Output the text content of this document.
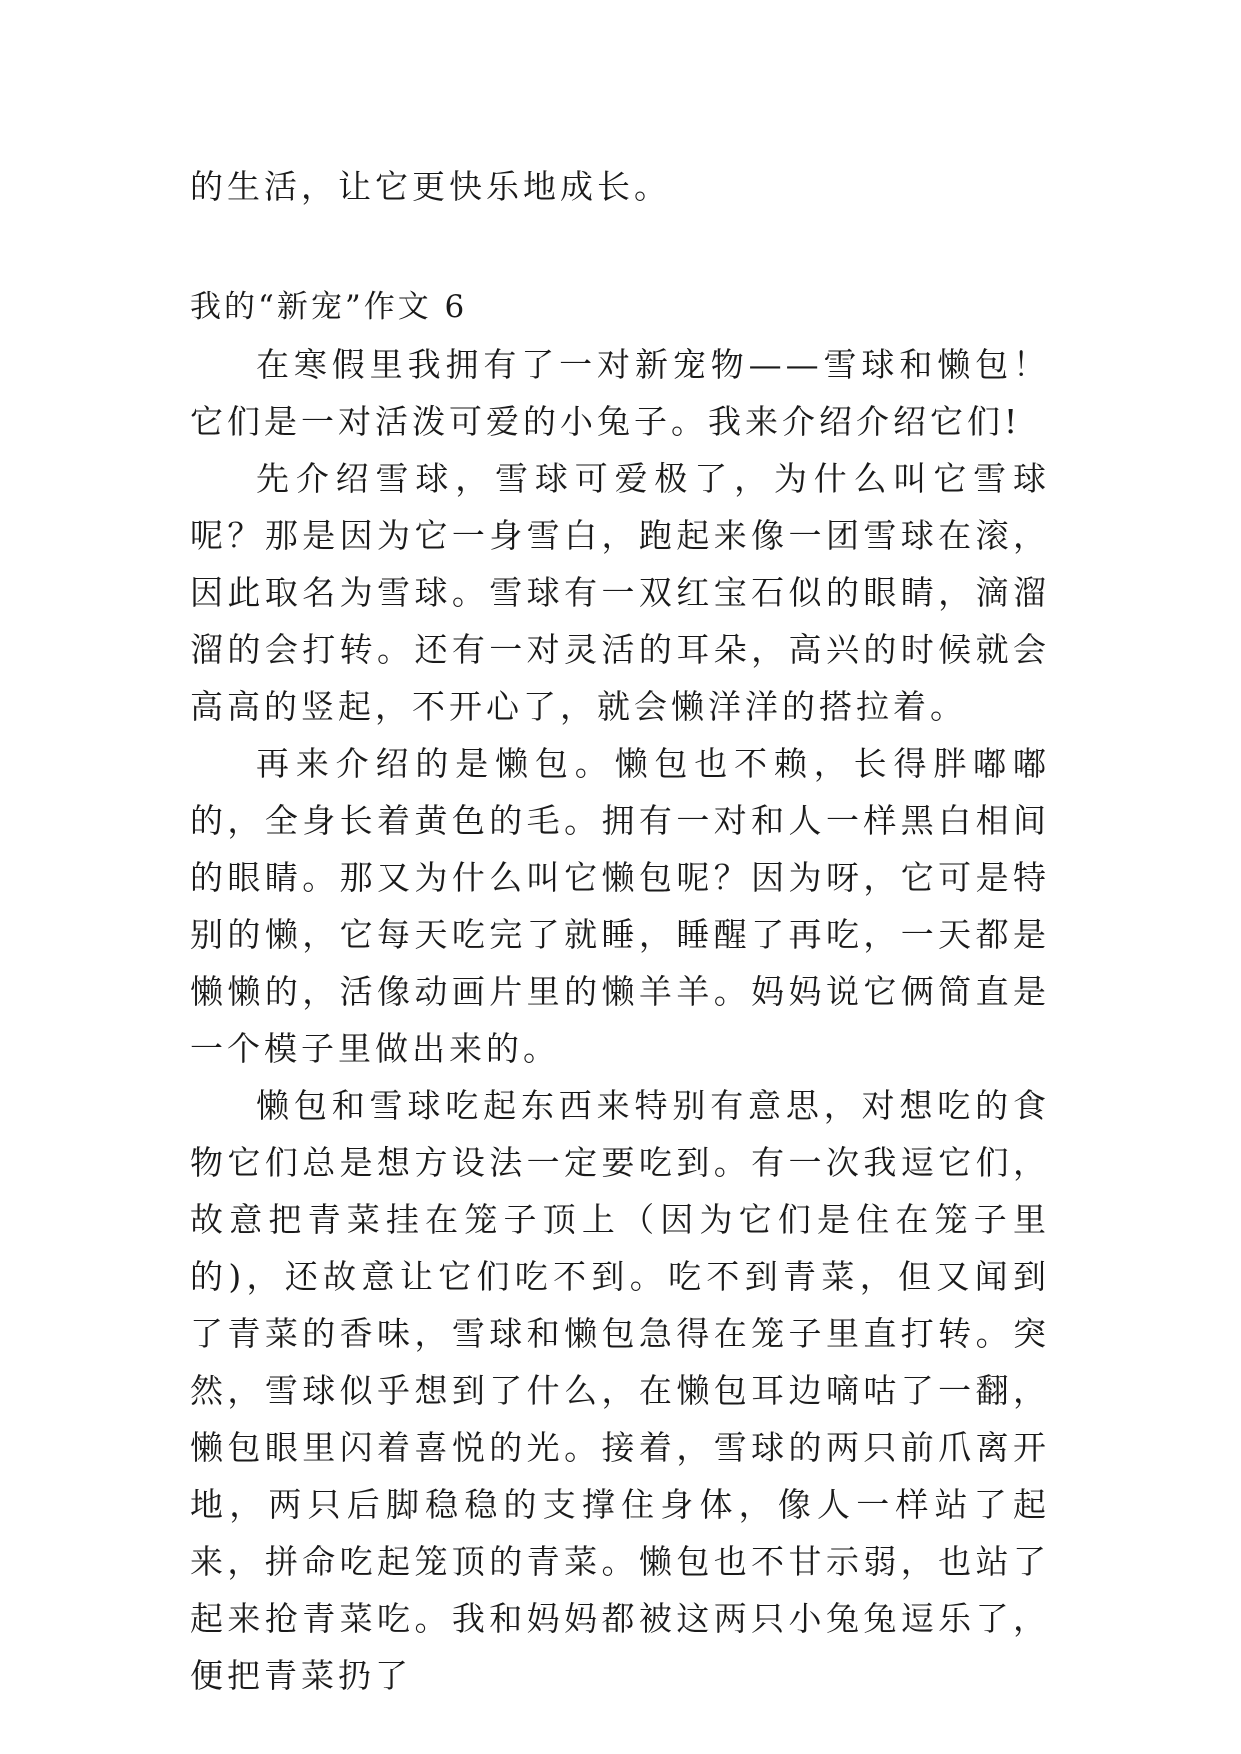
的生活，让它更快乐地成长。

我的“新宠”作文 6

在寒假里我拥有了一对新宠物——雪球和懒包！它们是一对活泼可爱的小兔子。我来介绍介绍它们!

先介绍雪球，雪球可爱极了，为什么叫它雪球呢？那是因为它一身雪白，跑起来像一团雪球在滚，因此取名为雪球。雪球有一双红宝石似的眼睛，滴溜溜的会打转。还有一对灵活的耳朵，高兴的时候就会高高的竖起，不开心了，就会懒洋洋的搭拉着。

再来介绍的是懒包。懒包也不赖，长得胖嘟嘟的，全身长着黄色的毛。拥有一对和人一样黑白相间的眼睛。那又为什么叫它懒包呢？因为呀，它可是特别的懒，它每天吃完了就睡，睡醒了再吃，一天都是懒懒的，活像动画片里的懒羊羊。妈妈说它俩简直是一个模子里做出来的。

懒包和雪球吃起东西来特别有意思，对想吃的食物它们总是想方设法一定要吃到。有一次我逗它们，故意把青菜挂在笼子顶上（因为它们是住在笼子里的)，还故意让它们吃不到。吃不到青菜，但又闻到了青菜的香味，雪球和懒包急得在笼子里直打转。突然，雪球似乎想到了什么，在懒包耳边嘀咕了一翻，懒包眼里闪着喜悦的光。接着，雪球的两只前爪离开地，两只后脚稳稳的支撑住身体，像人一样站了起来，拼命吃起笼顶的青菜。懒包也不甘示弱，也站了起来抢青菜吃。我和妈妈都被这两只小兔兔逗乐了，便把青菜扔了
